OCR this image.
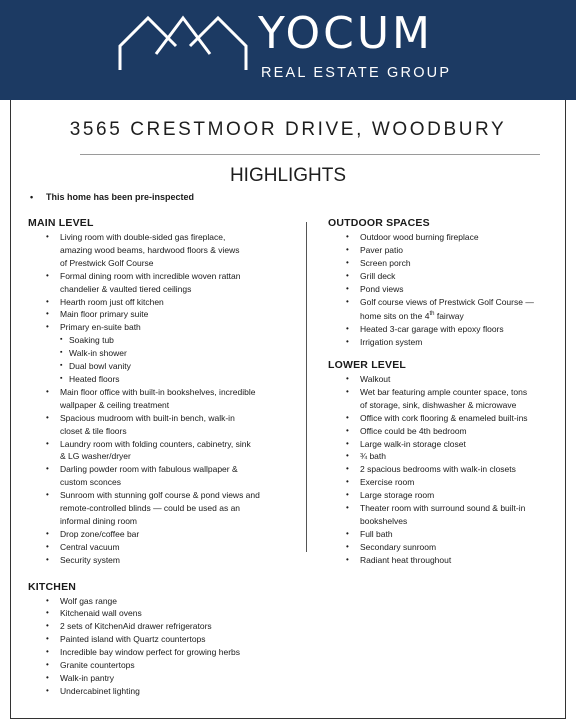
YOCUM
REAL ESTATE GROUP
3565 CRESTMOOR DRIVE, WOODBURY
HIGHLIGHTS
• This home has been pre-inspected
MAIN LEVEL
• Living room with double-sided gas fireplace,
amazing wood beams, hardwood floors & views
of Prestwick Golf Course
• Formal dining room with incredible woven rattan
chandelier & vaulted tiered ceilings
• Hearth room just off kitchen
• Main floor primary suite
• Primary en-suite bath
▪ Soaking tub
▪ Walk-in shower
▪ Dual bowl vanity
▪ Heated floors
• Main floor office with built-in bookshelves, incredible
wallpaper & ceiling treatment
• Spacious mudroom with built-in bench, walk-in
closet & tile floors
• Laundry room with folding counters, cabinetry, sink
& LG washer/dryer
• Darling powder room with fabulous wallpaper &
custom sconces
• Sunroom with stunning golf course & pond views and
remote-controlled blinds — could be used as an
informal dining room
• Drop zone/coffee bar
• Central vacuum
• Security system
KITCHEN
• Wolf gas range
• Kitchenaid wall ovens
• 2 sets of KitchenAid drawer refrigerators
• Painted island with Quartz countertops
• Incredible bay window perfect for growing herbs
• Granite countertops
• Walk-in pantry
• Undercabinet lighting
OUTDOOR SPACES
• Outdoor wood burning fireplace
• Paver patio
• Screen porch
• Grill deck
• Pond views
• Golf course views of Prestwick Golf Course —
home sits on the 4th fairway
• Heated 3-car garage with epoxy floors
• Irrigation system
LOWER LEVEL
• Walkout
• Wet bar featuring ample counter space, tons
of storage, sink, dishwasher & microwave
• Office with cork flooring & enameled built-ins
• Office could be 4th bedroom
• Large walk-in storage closet
• ¾ bath
• 2 spacious bedrooms with walk-in closets
• Exercise room
• Large storage room
• Theater room with surround sound & built-in
bookshelves
• Full bath
• Secondary sunroom
• Radiant heat throughout
